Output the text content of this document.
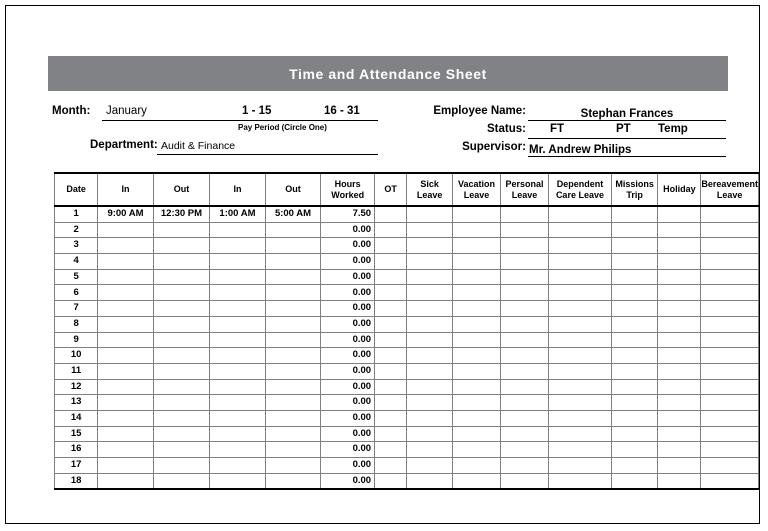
Time and Attendance Sheet
Month: January	1 - 15	16 - 31
Pay Period (Circle One)
Department: Audit & Finance
Employee Name:	Stephan Frances
Status: FT	PT Temp
Supervisor: Mr. Andrew Philips
Date	In	Out	In	Out	Hours Worked	OT	Sick Leave	Vacation Leave	Personal Leave	Dependent Care Leave	Missions Trip	Holiday	Bereavement Leave
1	9:00 AM	12:30 PM	1:00 AM	5:00 AM	7.50								
2					0.00								
3					0.00								
4					0.00								
5					0.00								
6					0.00								
7					0.00								
8					0.00								
9					0.00								
10					0.00								
11					0.00								
12					0.00								
13					0.00								
14					0.00								
15					0.00								
16					0.00								
17					0.00								
18					0.00								
